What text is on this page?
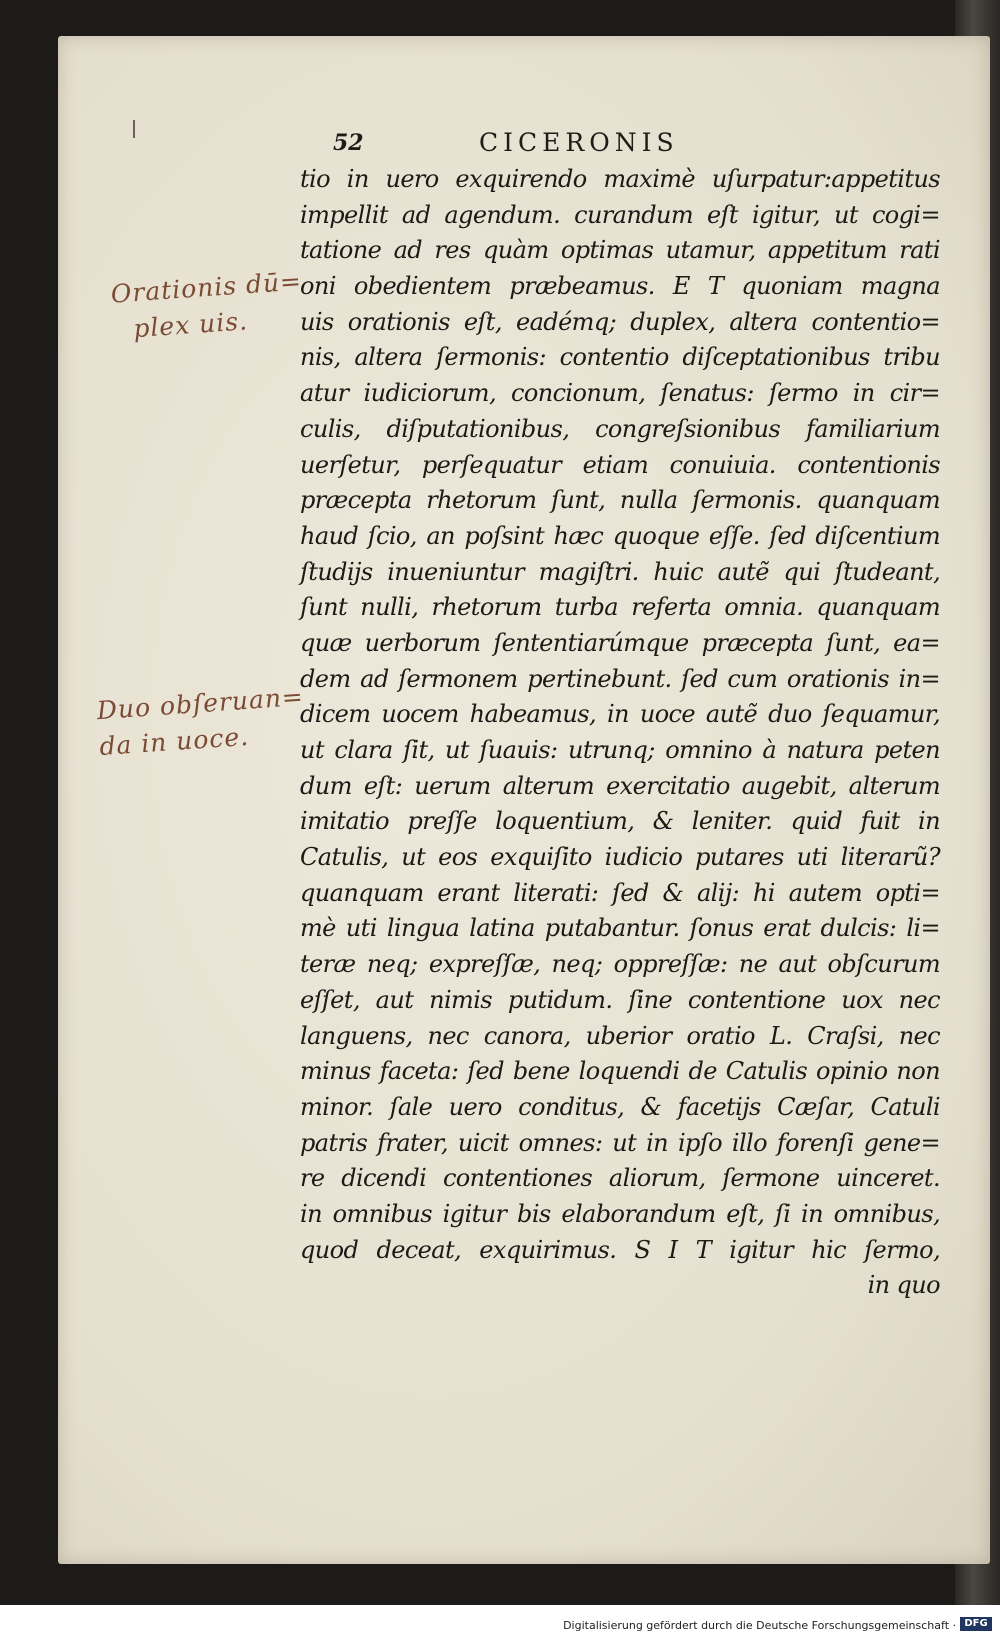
52	CICERONIS
Orationis dū=
plex uis.
Duo obſeruan=
da in uoce.
tio in uero exquirendo maximè uſurpatur:appetitus
impellit ad agendum. curandum eſt igitur, ut cogi=
tatione ad res quàm optimas utamur, appetitum rati
oni obedientem præbeamus. E T quoniam magna
uis orationis eſt, eadémq; duplex, altera contentio=
nis, altera ſermonis: contentio diſceptationibus tribu
atur iudiciorum, concionum, ſenatus: ſermo in cir=
culis, diſputationibus, congreſsionibus familiarium
uerſetur, perſequatur etiam conuiuia. contentionis
præcepta rhetorum ſunt, nulla ſermonis. quanquam
haud ſcio, an poſsint hæc quoque eſſe. ſed diſcentium
ſtudijs inueniuntur magiſtri. huic autẽ qui ſtudeant,
ſunt nulli, rhetorum turba referta omnia. quanquam
quæ uerborum ſententiarúmque præcepta ſunt, ea=
dem ad ſermonem pertinebunt. ſed cum orationis in=
dicem uocem habeamus, in uoce autẽ duo ſequamur,
ut clara ſit, ut ſuauis: utrunq; omnino à natura peten
dum eſt: uerum alterum exercitatio augebit, alterum
imitatio preſſe loquentium, & leniter. quid fuit in
Catulis, ut eos exquiſito iudicio putares uti literarũ?
quanquam erant literati: ſed & alij: hi autem opti=
mè uti lingua latina putabantur. ſonus erat dulcis: li=
teræ neq; expreſſæ, neq; oppreſſæ: ne aut obſcurum
eſſet, aut nimis putidum. ſine contentione uox nec
languens, nec canora, uberior oratio L. Craſsi, nec
minus faceta: ſed bene loquendi de Catulis opinio non
minor. ſale uero conditus, & facetijs Cæſar, Catuli
patris frater, uicit omnes: ut in ipſo illo forenſi gene=
re dicendi contentiones aliorum, ſermone uinceret.
in omnibus igitur bis elaborandum eſt, ſi in omnibus,
quod deceat, exquirimus. S I T igitur hic ſermo,
in quo
Digitalisierung gefördert durch die Deutsche Forschungsgemeinschaft · DFG
